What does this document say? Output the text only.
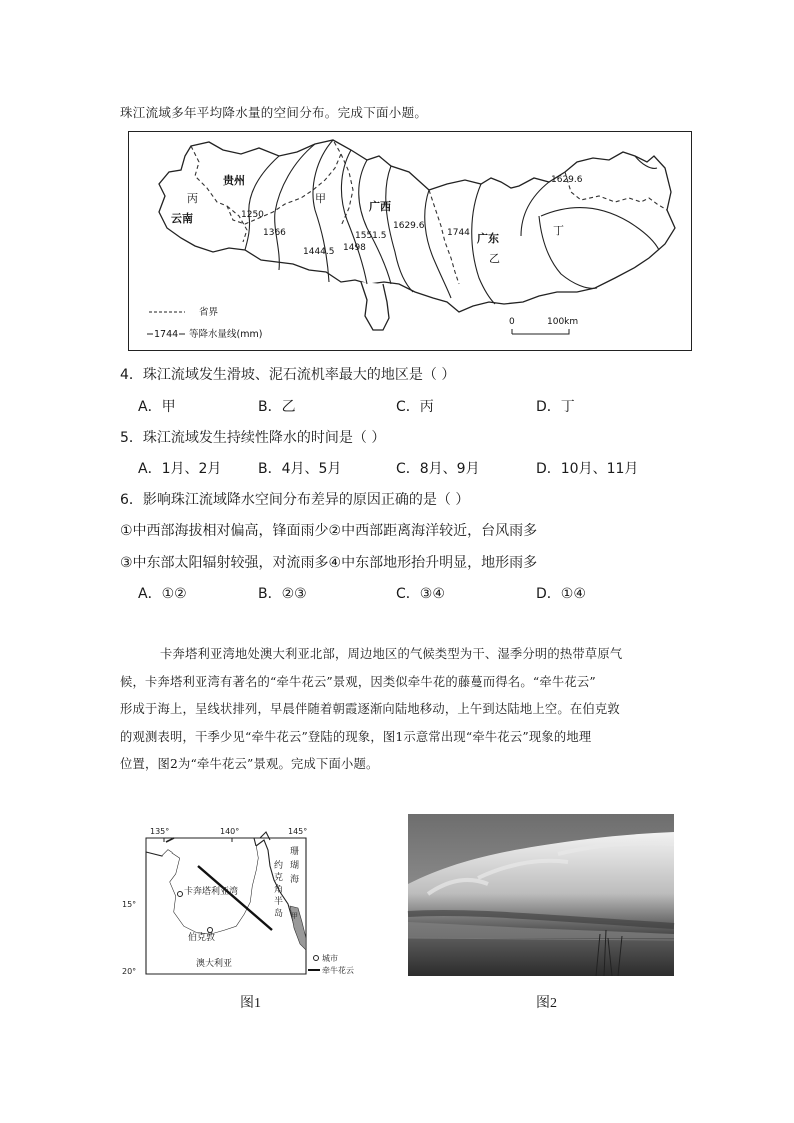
珠江流域多年平均降水量的空间分布。完成下面小题。
丙
贵州
云南
甲
广西
广东
乙
丁
1250
1366
1444.5 1498
1551.5
1629.6
1744
1629.6
省界
1744 等降水量线(mm)
0	100km
4．珠江流域发生滑坡、泥石流机率最大的地区是（ ）
A．甲	B．乙	C．丙	D．丁
5．珠江流域发生持续性降水的时间是（ ）
A．1月、2月	B．4月、5月	C．8月、9月	D．10月、11月
6．影响珠江流域降水空间分布差异的原因正确的是（ ）
①中西部海拔相对偏高，锋面雨少②中西部距离海洋较近，台风雨多
③中东部太阳辐射较强，对流雨多④中东部地形抬升明显，地形雨多
A．①②	B．②③	C．③④	D．①④

卡奔塔利亚湾地处澳大利亚北部，周边地区的气候类型为干、湿季分明的热带草原气

候，卡奔塔利亚湾有著名的“牵牛花云”景观，因类似牵牛花的藤蔓而得名。“牵牛花云”

形成于海上，呈线状排列，早晨伴随着朝霞逐渐向陆地移动，上午到达陆地上空。在伯克敦

的观测表明，干季少见“牵牛花云”登陆的现象，图1示意常出现“牵牛花云”现象的地理

位置，图2为“牵牛花云”景观。完成下面小题。

135°	140°	145°
15°
20°
卡奔塔利亚湾
伯克敦
澳大利亚
约
克
角
半
岛
珊
瑚
海
甲
城市
牵牛花云
图1	图2
